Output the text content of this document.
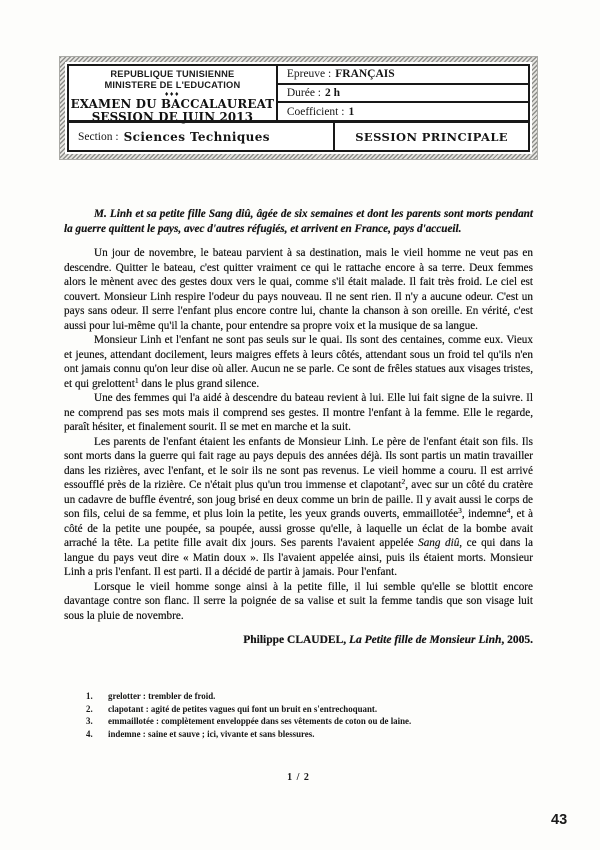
REPUBLIQUE TUNISIENNE
MINISTERE DE L'EDUCATION
♦♦♦
EXAMEN DU BACCALAUREAT
SESSION DE JUIN 2013
Epreuve : FRANÇAIS
Durée : 2 h
Coefficient : 1
Section : Sciences Techniques	SESSION PRINCIPALE

M. Linh et sa petite fille Sang diû, âgée de six semaines et dont les parents sont morts pendant la guerre quittent le pays, avec d'autres réfugiés, et arrivent en France, pays d'accueil.

Un jour de novembre, le bateau parvient à sa destination, mais le vieil homme ne veut pas en descendre. Quitter le bateau, c'est quitter vraiment ce qui le rattache encore à sa terre. Deux femmes alors le mènent avec des gestes doux vers le quai, comme s'il était malade. Il fait très froid. Le ciel est couvert. Monsieur Linh respire l'odeur du pays nouveau. Il ne sent rien. Il n'y a aucune odeur. C'est un pays sans odeur. Il serre l'enfant plus encore contre lui, chante la chanson à son oreille. En vérité, c'est aussi pour lui-même qu'il la chante, pour entendre sa propre voix et la musique de sa langue.

Monsieur Linh et l'enfant ne sont pas seuls sur le quai. Ils sont des centaines, comme eux. Vieux et jeunes, attendant docilement, leurs maigres effets à leurs côtés, attendant sous un froid tel qu'ils n'en ont jamais connu qu'on leur dise où aller. Aucun ne se parle. Ce sont de frêles statues aux visages tristes, et qui grelottent$^1$ dans le plus grand silence.

Une des femmes qui l'a aidé à descendre du bateau revient à lui. Elle lui fait signe de la suivre. Il ne comprend pas ses mots mais il comprend ses gestes. Il montre l'enfant à la femme. Elle le regarde, paraît hésiter, et finalement sourit. Il se met en marche et la suit.

Les parents de l'enfant étaient les enfants de Monsieur Linh. Le père de l'enfant était son fils. Ils sont morts dans la guerre qui fait rage au pays depuis des années déjà. Ils sont partis un matin travailler dans les rizières, avec l'enfant, et le soir ils ne sont pas revenus. Le vieil homme a couru. Il est arrivé essoufflé près de la rizière. Ce n'était plus qu'un trou immense et clapotant$^2$, avec sur un côté du cratère un cadavre de buffle éventré, son joug brisé en deux comme un brin de paille. Il y avait aussi le corps de son fils, celui de sa femme, et plus loin la petite, les yeux grands ouverts, emmaillotée$^3$, indemne$^4$, et à côté de la petite une poupée, sa poupée, aussi grosse qu'elle, à laquelle un éclat de la bombe avait arraché la tête. La petite fille avait dix jours. Ses parents l'avaient appelée Sang diû, ce qui dans la langue du pays veut dire « Matin doux ». Ils l'avaient appelée ainsi, puis ils étaient morts. Monsieur Linh a pris l'enfant. Il est parti. Il a décidé de partir à jamais. Pour l'enfant.

Lorsque le vieil homme songe ainsi à la petite fille, il lui semble qu'elle se blottit encore davantage contre son flanc. Il serre la poignée de sa valise et suit la femme tandis que son visage luit sous la pluie de novembre.

Philippe CLAUDEL, La Petite fille de Monsieur Linh, 2005.

1.	grelotter : trembler de froid.
2.	clapotant : agité de petites vagues qui font un bruit en s'entrechoquant.
3.	emmaillotée : complètement enveloppée dans ses vêtements de coton ou de laine.
4.	indemne : saine et sauve ; ici, vivante et sans blessures.
1 / 2
43
